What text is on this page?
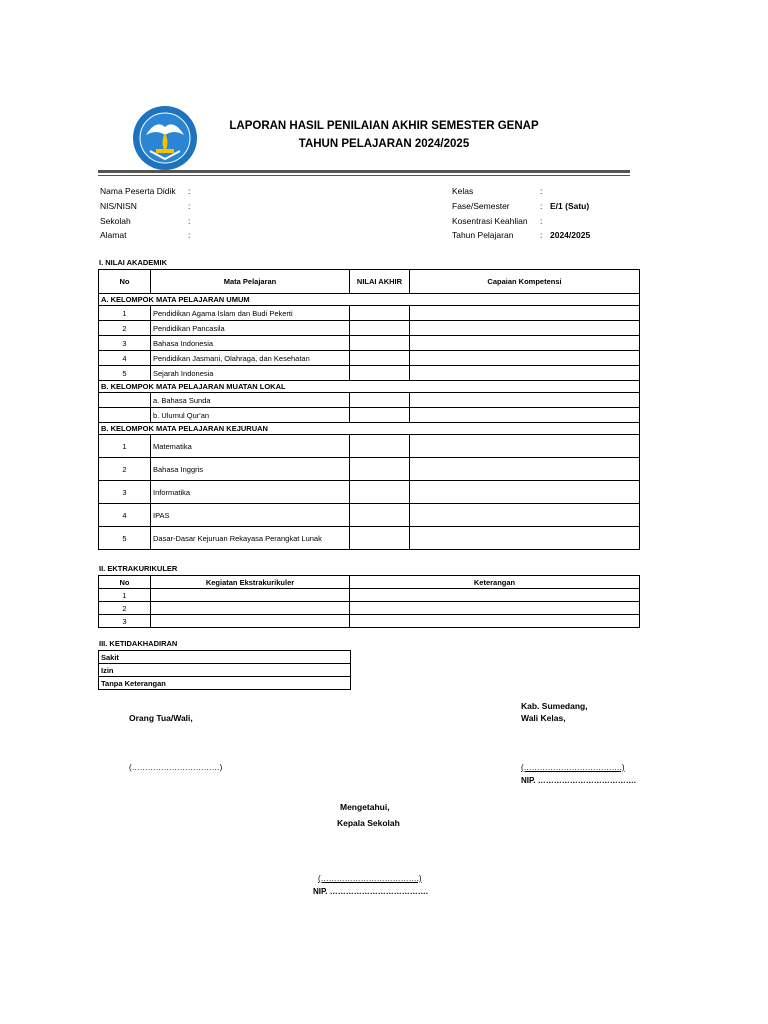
LAPORAN HASIL PENILAIAN AKHIR SEMESTER GENAP
TAHUN PELAJARAN 2024/2025
Nama Peserta Didik	:
NIS/NISN	:
Sekolah	:
Alamat	:
Kelas	:
Fase/Semester	: E/1 (Satu)
Kosentrasi Keahlian	:
Tahun Pelajaran	: 2024/2025
I. NILAI AKADEMIK
No	Mata Pelajaran	NILAI AKHIR	Capaian Kompetensi
A. KELOMPOK MATA PELAJARAN UMUM			
1	Pendidikan Agama Islam dan Budi Pekerti		
2	Pendidikan Pancasila		
3	Bahasa Indonesia		
4	Pendidikan Jasmani, Olahraga, dan Kesehatan		
5	Sejarah Indonesia		
B. KELOMPOK MATA PELAJARAN MUATAN LOKAL			
	a. Bahasa Sunda		
	b. Ulumul Qur'an		
B. KELOMPOK MATA PELAJARAN KEJURUAN			
1	Matematika		
2	Bahasa Inggris		
3	Informatika		
4	IPAS		
5	Dasar-Dasar Kejuruan Rekayasa Perangkat Lunak		
II. EKTRAKURIKULER
No	Kegiatan Ekstrakurikuler	Keterangan
1		
2		
3		
III. KETIDAKHADIRAN
Sakit
Izin
Tanpa Keterangan
Orang Tua/Wali,
(……………………………)
Kab. Sumedang,
Wali Kelas,
(……………………………….)
NIP. ……………………………….
Mengetahui,
Kepala Sekolah
(……………………………….)
NIP. ……………………………….
